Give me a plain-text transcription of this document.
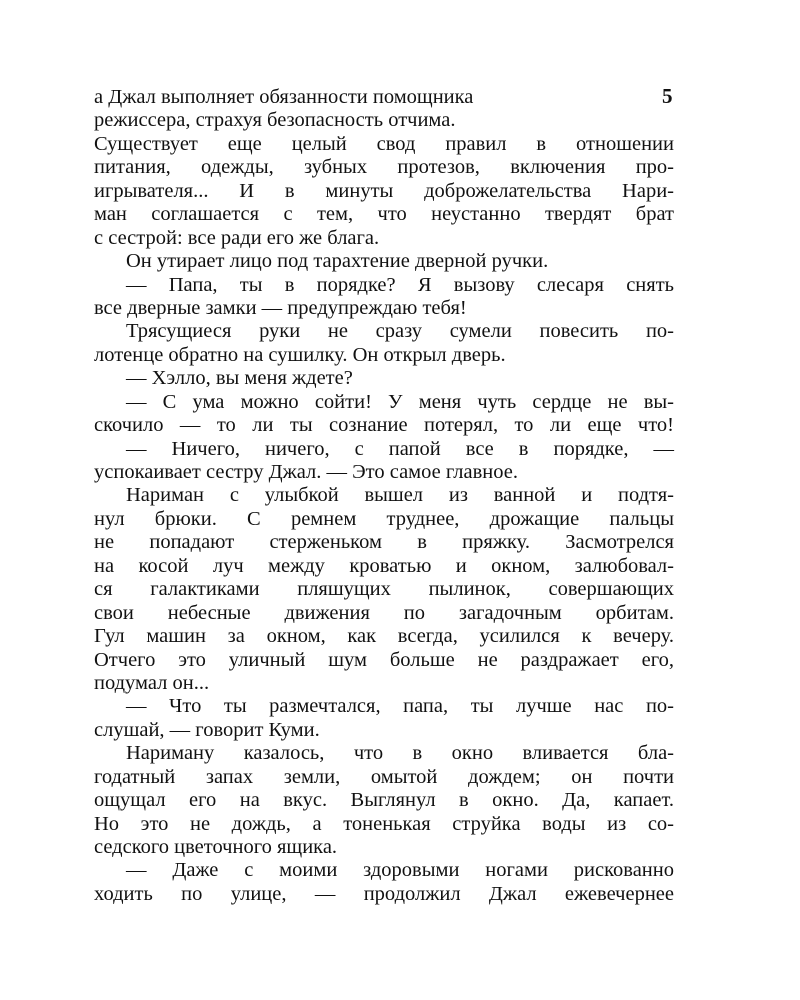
5
а Джал выполняет обязанности помощника
режиссера, страхуя безопасность отчима.
Существует еще целый свод правил в отношении
питания, одежды, зубных протезов, включения про-
игрывателя... И в минуты доброжелательства Нари-
ман соглашается с тем, что неустанно твердят брат
с сестрой: все ради его же блага.
Он утирает лицо под тарахтение дверной ручки.
— Папа, ты в порядке? Я вызову слесаря снять
все дверные замки — предупреждаю тебя!
Трясущиеся руки не сразу сумели повесить по-
лотенце обратно на сушилку. Он открыл дверь.
— Хэлло, вы меня ждете?
— С ума можно сойти! У меня чуть сердце не вы-
скочило — то ли ты сознание потерял, то ли еще что!
— Ничего, ничего, с папой все в порядке, —
успокаивает сестру Джал. — Это самое главное.
Нариман с улыбкой вышел из ванной и подтя-
нул брюки. С ремнем труднее, дрожащие пальцы
не попадают стерженьком в пряжку. Засмотрелся
на косой луч между кроватью и окном, залюбовал-
ся галактиками пляшущих пылинок, совершающих
свои небесные движения по загадочным орбитам.
Гул машин за окном, как всегда, усилился к вечеру.
Отчего это уличный шум больше не раздражает его,
подумал он...
— Что ты размечтался, папа, ты лучше нас по-
слушай, — говорит Куми.
Нариману казалось, что в окно вливается бла-
годатный запах земли, омытой дождем; он почти
ощущал его на вкус. Выглянул в окно. Да, капает.
Но это не дождь, а тоненькая струйка воды из со-
седского цветочного ящика.
— Даже с моими здоровыми ногами рискованно
ходить по улице, — продолжил Джал ежевечернее
